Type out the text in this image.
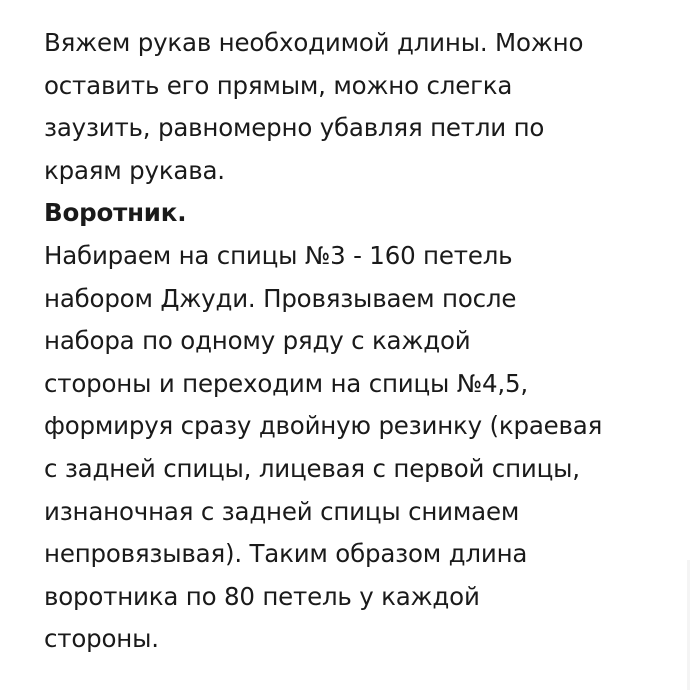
Вяжем рукав необходимой длины. Можно
оставить его прямым, можно слегка
заузить, равномерно убавляя петли по
краям рукава.
Воротник.
Набираем на спицы №3 - 160 петель
набором Джуди. Провязываем после
набора по одному ряду с каждой
стороны и переходим на спицы №4,5,
формируя сразу двойную резинку (краевая
с задней спицы, лицевая с первой спицы,
изнаночная с задней спицы снимаем
непровязывая). Таким образом длина
воротника по 80 петель у каждой
стороны.
